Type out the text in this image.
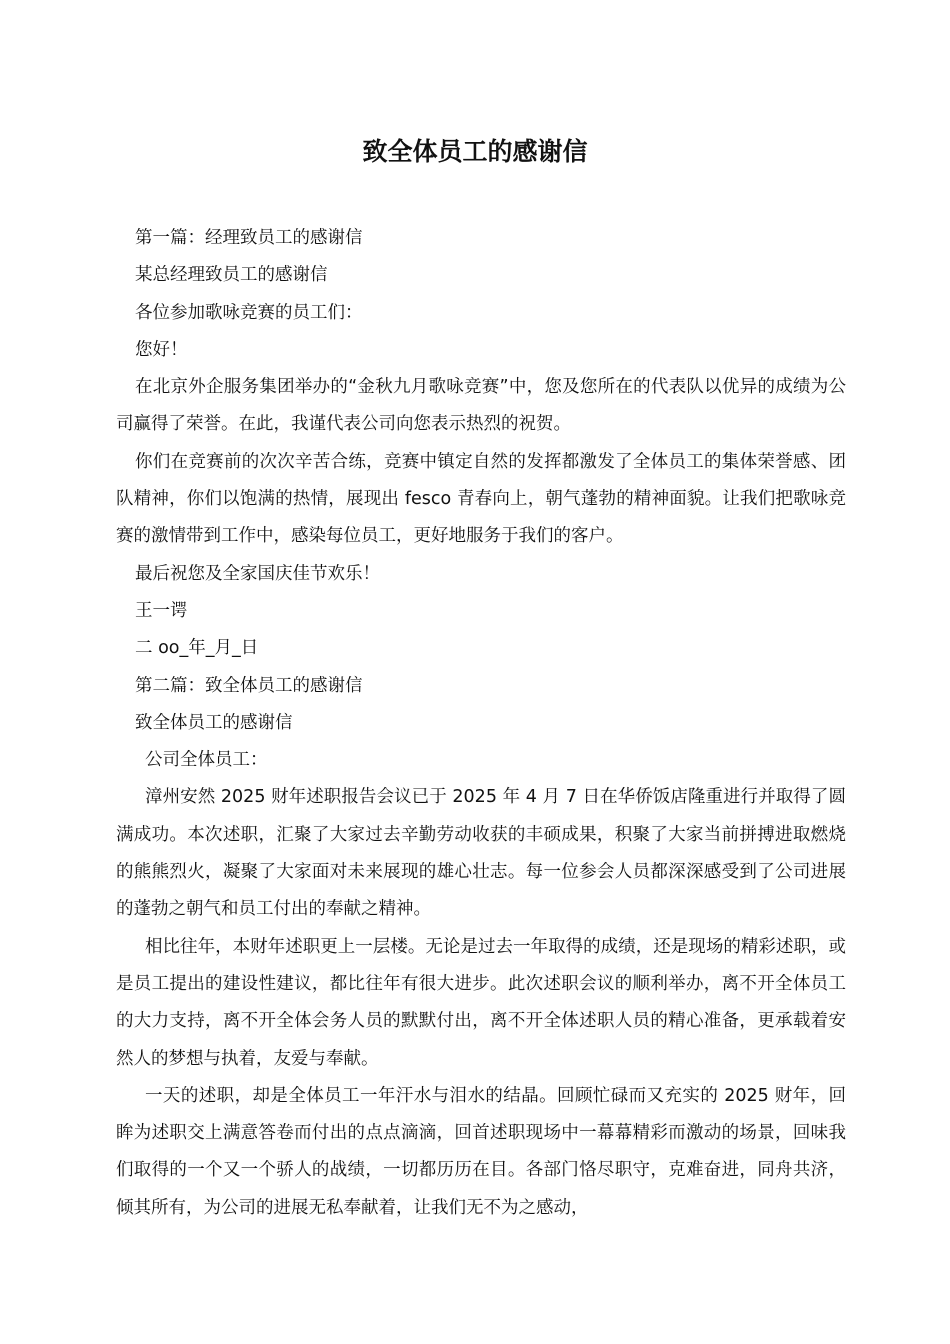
致全体员工的感谢信

第一篇：经理致员工的感谢信

某总经理致员工的感谢信

各位参加歌咏竞赛的员工们：

您好！

在北京外企服务集团举办的“金秋九月歌咏竞赛”中，您及您所在的代表队以优异的成绩为公司赢得了荣誉。在此，我谨代表公司向您表示热烈的祝贺。

你们在竞赛前的次次辛苦合练，竞赛中镇定自然的发挥都激发了全体员工的集体荣誉感、团队精神，你们以饱满的热情，展现出 fesco 青春向上，朝气蓬勃的精神面貌。让我们把歌咏竞赛的激情带到工作中，感染每位员工，更好地服务于我们的客户。

最后祝您及全家国庆佳节欢乐！

王一谔

二 oo_年_月_日

第二篇：致全体员工的感谢信

致全体员工的感谢信

公司全体员工：

漳州安然 2025 财年述职报告会议已于 2025 年 4 月 7 日在华侨饭店隆重进行并取得了圆满成功。本次述职，汇聚了大家过去辛勤劳动收获的丰硕成果，积聚了大家当前拼搏进取燃烧的熊熊烈火，凝聚了大家面对未来展现的雄心壮志。每一位参会人员都深深感受到了公司进展的蓬勃之朝气和员工付出的奉献之精神。

相比往年，本财年述职更上一层楼。无论是过去一年取得的成绩，还是现场的精彩述职，或是员工提出的建设性建议，都比往年有很大进步。此次述职会议的顺利举办，离不开全体员工的大力支持，离不开全体会务人员的默默付出，离不开全体述职人员的精心准备，更承载着安然人的梦想与执着，友爱与奉献。

一天的述职，却是全体员工一年汗水与泪水的结晶。回顾忙碌而又充实的 2025 财年，回眸为述职交上满意答卷而付出的点点滴滴，回首述职现场中一幕幕精彩而激动的场景，回味我们取得的一个又一个骄人的战绩，一切都历历在目。各部门恪尽职守，克难奋进，同舟共济，倾其所有，为公司的进展无私奉献着，让我们无不为之感动，
